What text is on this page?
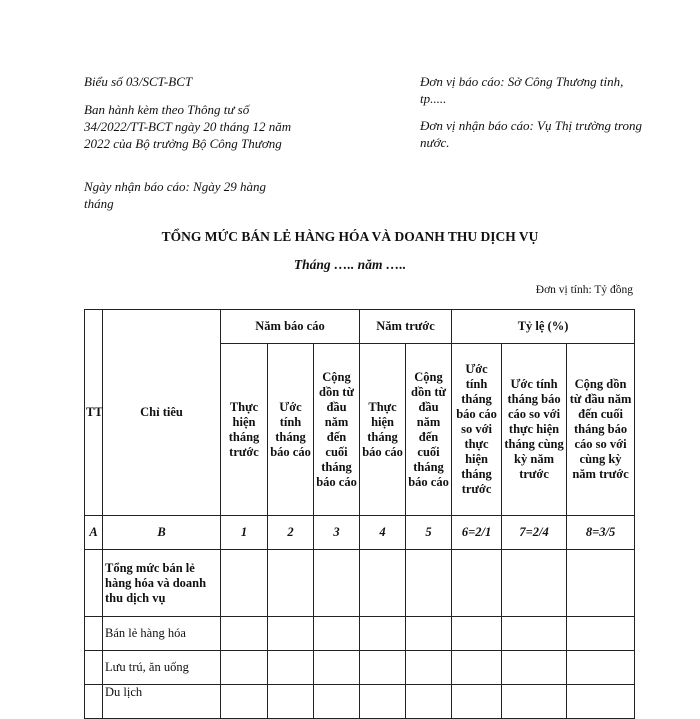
Biểu số 03/SCT-BCT
Ban hành kèm theo Thông tư số 34/2022/TT-BCT ngày 20 tháng 12 năm 2022 của Bộ trưởng Bộ Công Thương
Ngày nhận báo cáo: Ngày 29 hàng tháng
Đơn vị báo cáo: Sở Công Thương tỉnh, tp.....
Đơn vị nhận báo cáo: Vụ Thị trường trong nước.
TỔNG MỨC BÁN LẺ HÀNG HÓA VÀ DOANH THU DỊCH VỤ
Tháng ….. năm …..
Đơn vị tính: Tỷ đồng
TT	Chỉ tiêu	Năm báo cáo			Năm trước		Tỷ lệ (%)		
		Thực hiện tháng trước	Ước tính tháng báo cáo	Cộng dồn từ đầu năm đến cuối tháng báo cáo	Thực hiện tháng báo cáo	Cộng dồn từ đầu năm đến cuối tháng báo cáo	Ước tính tháng báo cáo so với thực hiện tháng trước	Ước tính tháng báo cáo so với thực hiện tháng cùng kỳ năm trước	Cộng dồn từ đầu năm đến cuối tháng báo cáo so với cùng kỳ năm trước
A	B	1	2	3	4	5	6=2/1	7=2/4	8=3/5
	Tổng mức bán lẻ hàng hóa và doanh thu dịch vụ								
	Bán lẻ hàng hóa								
	Lưu trú, ăn uống								
	Du lịch								
